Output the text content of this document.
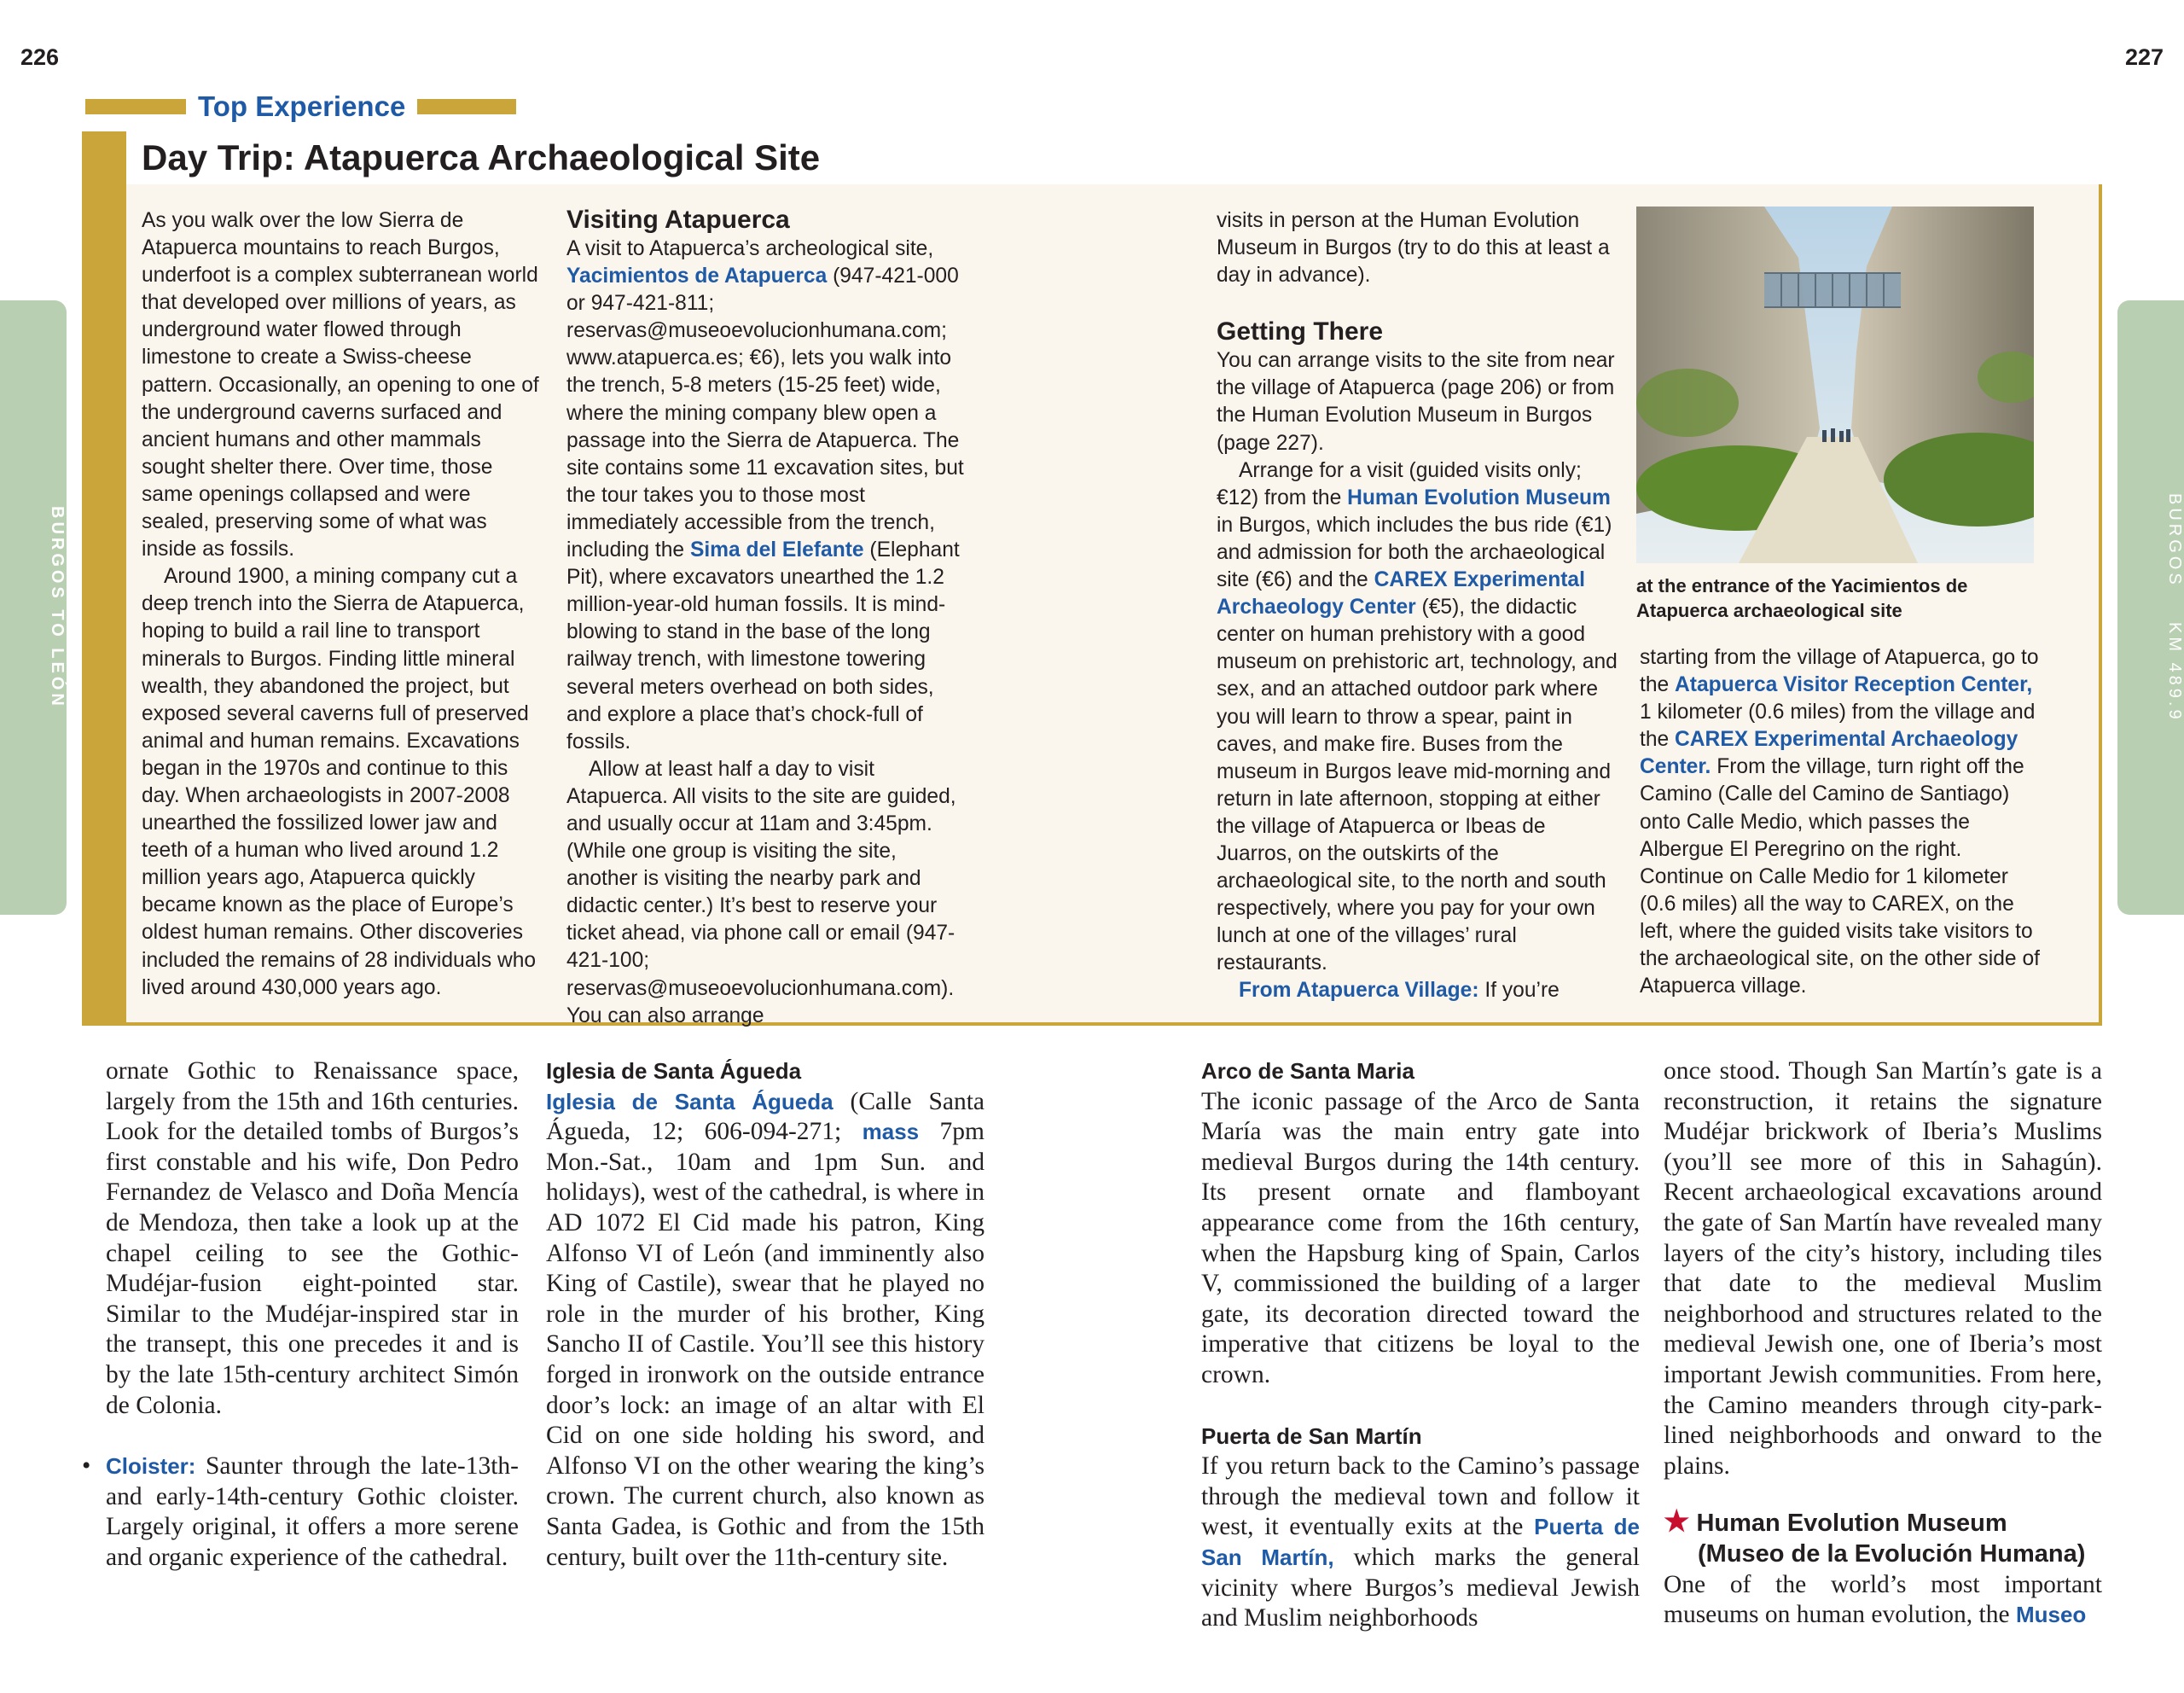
226	227
BURGOS TO LEÓN	BURGOS
KM 489.9
Top Experience
Day Trip: Atapuerca Archaeological Site

As you walk over the low Sierra de Atapuerca mountains to reach Burgos, underfoot is a complex subterranean world that developed over millions of years, as underground water flowed through limestone to create a Swiss-cheese pattern. Occasionally, an opening to one of the underground caverns surfaced and ancient humans and other mammals sought shelter there. Over time, those same openings collapsed and were sealed, preserving some of what was inside as fossils.

Around 1900, a mining company cut a deep trench into the Sierra de Atapuerca, hoping to build a rail line to transport minerals to Burgos. Finding little mineral wealth, they abandoned the project, but exposed several caverns full of preserved animal and human remains. Excavations began in the 1970s and continue to this day. When archaeologists in 2007-2008 unearthed the fossilized lower jaw and teeth of a human who lived around 1.2 million years ago, Atapuerca quickly became known as the place of Europe’s oldest human remains. Other discoveries included the remains of 28 individuals who lived around 430,000 years ago.

Visiting Atapuerca

A visit to Atapuerca’s archeological site, Yacimientos de Atapuerca (947-421-000 or 947-421-811; reservas@museoevolucionhumana.com; www.atapuerca.es; €6), lets you walk into the trench, 5-8 meters (15-25 feet) wide, where the mining company blew open a passage into the Sierra de Atapuerca. The site contains some 11 excavation sites, but the tour takes you to those most immediately accessible from the trench, including the Sima del Elefante (Elephant Pit), where excavators unearthed the 1.2 million-year-old human fossils. It is mind-blowing to stand in the base of the long railway trench, with limestone towering several meters overhead on both sides, and explore a place that’s chock-full of fossils.

Allow at least half a day to visit Atapuerca. All visits to the site are guided, and usually occur at 11am and 3:45pm. (While one group is visiting the site, another is visiting the nearby park and didactic center.) It’s best to reserve your ticket ahead, via phone call or email (947-421-100; reservas@museoevolucionhumana.com). You can also arrange

visits in person at the Human Evolution Museum in Burgos (try to do this at least a day in advance).

Getting There

You can arrange visits to the site from near the village of Atapuerca (page 206) or from the Human Evolution Museum in Burgos (page 227).

Arrange for a visit (guided visits only; €12) from the Human Evolution Museum in Burgos, which includes the bus ride (€1) and admission for both the archaeological site (€6) and the CAREX Experimental Archaeology Center (€5), the didactic center on human prehistory with a good museum on prehistoric art, technology, and sex, and an attached outdoor park where you will learn to throw a spear, paint in caves, and make fire. Buses from the museum in Burgos leave mid-morning and return in late afternoon, stopping at either the village of Atapuerca or Ibeas de Juarros, on the outskirts of the archaeological site, to the north and south respectively, where you pay for your own lunch at one of the villages’ rural restaurants.

From Atapuerca Village: If you’re

at the entrance of the Yacimientos de Atapuerca archaeological site

starting from the village of Atapuerca, go to the Atapuerca Visitor Reception Center, 1 kilometer (0.6 miles) from the village and the CAREX Experimental Archaeology Center. From the village, turn right off the Camino (Calle del Camino de Santiago) onto Calle Medio, which passes the Albergue El Peregrino on the right. Continue on Calle Medio for 1 kilometer (0.6 miles) all the way to CAREX, on the left, where the guided visits take visitors to the archaeological site, on the other side of Atapuerca village.

ornate Gothic to Renaissance space, largely from the 15th and 16th centuries. Look for the detailed tombs of Burgos’s first constable and his wife, Don Pedro Fernandez de Velasco and Doña Mencía de Mendoza, then take a look up at the chapel ceiling to see the Gothic-Mudéjar-fusion eight-pointed star. Similar to the Mudéjar-inspired star in the transept, this one precedes it and is by the late 15th-century architect Simón de Colonia.

• Cloister: Saunter through the late-13th- and early-14th-century Gothic cloister. Largely original, it offers a more serene and organic experience of the cathedral.

Iglesia de Santa Águeda

Iglesia de Santa Águeda (Calle Santa Águeda, 12; 606-094-271; mass 7pm Mon.-Sat., 10am and 1pm Sun. and holidays), west of the cathedral, is where in AD 1072 El Cid made his patron, King Alfonso VI of León (and imminently also King of Castile), swear that he played no role in the murder of his brother, King Sancho II of Castile. You’ll see this history forged in ironwork on the outside entrance door’s lock: an image of an altar with El Cid on one side holding his sword, and Alfonso VI on the other wearing the king’s crown. The current church, also known as Santa Gadea, is Gothic and from the 15th century, built over the 11th-century site.

Arco de Santa Maria

The iconic passage of the Arco de Santa María was the main entry gate into medieval Burgos during the 14th century. Its present ornate and flamboyant appearance come from the 16th century, when the Hapsburg king of Spain, Carlos V, commissioned the building of a larger gate, its decoration directed toward the imperative that citizens be loyal to the crown.

Puerta de San Martín

If you return back to the Camino’s passage through the medieval town and follow it west, it eventually exits at the Puerta de San Martín, which marks the general vicinity where Burgos’s medieval Jewish and Muslim neighborhoods

once stood. Though San Martín’s gate is a reconstruction, it retains the signature Mudéjar brickwork of Iberia’s Muslims (you’ll see more of this in Sahagún). Recent archaeological excavations around the gate of San Martín have revealed many layers of the city’s history, including tiles that date to the medieval Muslim neighborhood and structures related to the medieval Jewish one, one of Iberia’s most important Jewish communities. From here, the Camino meanders through city-park-lined neighborhoods and onward to the plains.

★ Human Evolution Museum
(Museo de la Evolución Humana)

One of the world’s most important museums on human evolution, the Museo
